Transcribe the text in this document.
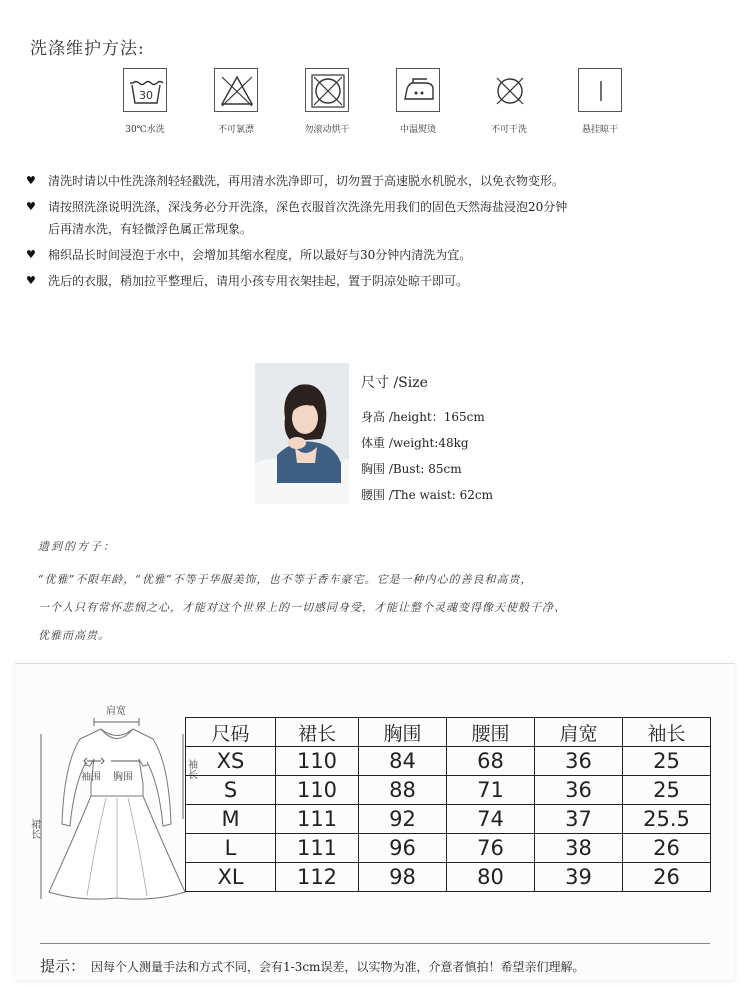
洗涤维护方法:
30
30℃水洗	不可氯漂	勿滚动烘干	中温熨烫	不可干洗	悬挂晾干
♥ 清洗时请以中性洗涤剂轻轻戳洗，再用清水洗净即可，切勿置于高速脱水机脱水，以免衣物变形。
♥ 请按照洗涤说明洗涤，深浅务必分开洗涤，深色衣服首次洗涤先用我们的固色天然海盐浸泡20分钟
后再清水洗，有轻微浮色属正常现象。
♥ 棉织品长时间浸泡于水中，会增加其缩水程度，所以最好与30分钟内清洗为宜。
♥ 洗后的衣服，稍加拉平整理后，请用小孩专用衣架挂起，置于阴凉处晾干即可。
尺寸 /Size
身高 /height：165cm
体重 /weight:48kg
胸围 /Bust: 85cm
腰围 /The waist: 62cm
遗到的方子：
“优雅”不限年龄，“优雅”不等于华服美饰，也不等于香车豪宅。它是一种内心的善良和高贵，
一个人只有常怀悲悯之心，才能对这个世界上的一切感同身受，才能让整个灵魂变得像天使般干净、
优雅而高贵。
肩宽
袖围 胸围	袖长
裙长
尺码	裙长	胸围	腰围	肩宽	袖长
XS	110	84	68	36	25
S	110	88	71	36	25
M	111	92	74	37	25.5
L	111	96	76	38	26
XL	112	98	80	39	26
提示： 因每个人测量手法和方式不同，会有1-3cm误差，以实物为准，介意者慎拍！希望亲们理解。
